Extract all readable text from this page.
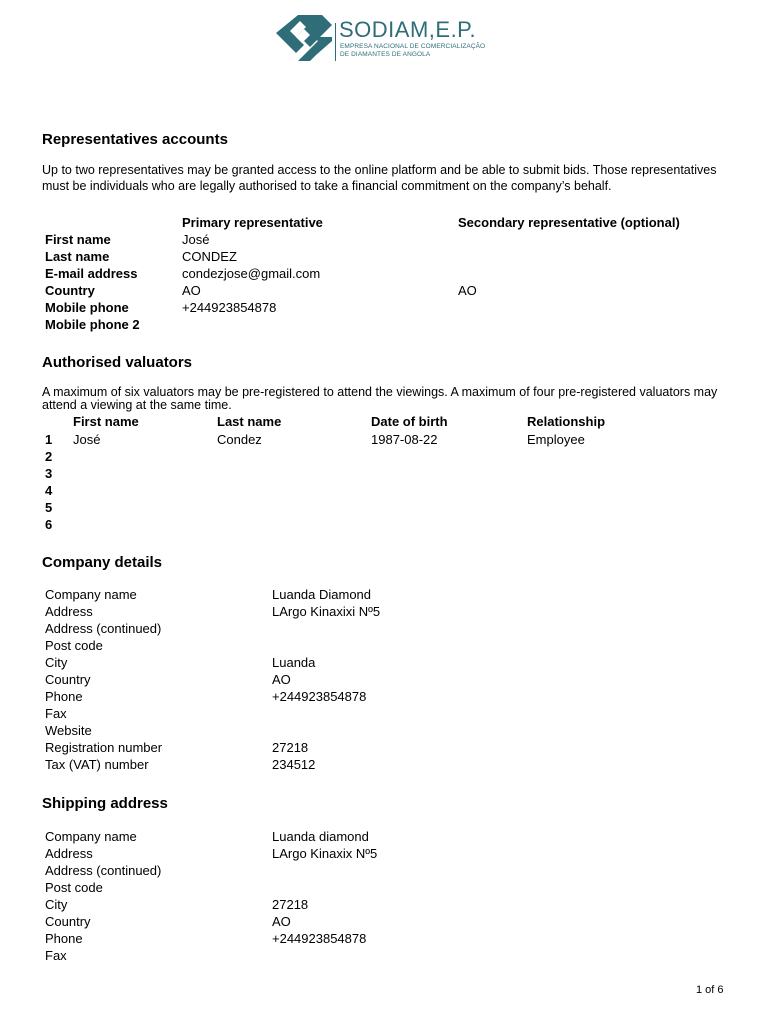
SODIAM,E.P.
EMPRESA NACIONAL DE COMERCIALIZAÇÃO
DE DIAMANTES DE ANGOLA
Representatives accounts
Up to two representatives may be granted access to the online platform and be able to submit bids. Those representatives must be individuals who are legally authorised to take a financial commitment on the company’s behalf.
Primary representative	Secondary representative (optional)
First name	José
Last name	CONDEZ
E-mail address	condezjose@gmail.com
Country	AO	AO
Mobile phone	+244923854878
Mobile phone 2
Authorised valuators
A maximum of six valuators may be pre-registered to attend the viewings. A maximum of four pre-registered valuators may attend a viewing at the same time.
First name	Last name	Date of birth	Relationship
1 José	Condez	1987-08-22	Employee
2
3
4
5
6
Company details
Company name	Luanda Diamond
Address	LArgo Kinaxixi Nº5
Address (continued)
Post code
City	Luanda
Country	AO
Phone	+244923854878
Fax
Website
Registration number	27218
Tax (VAT) number	234512
Shipping address
Company name	Luanda diamond
Address	LArgo Kinaxix Nº5
Address (continued)
Post code
City	27218
Country	AO
Phone	+244923854878
Fax
1 of 6
